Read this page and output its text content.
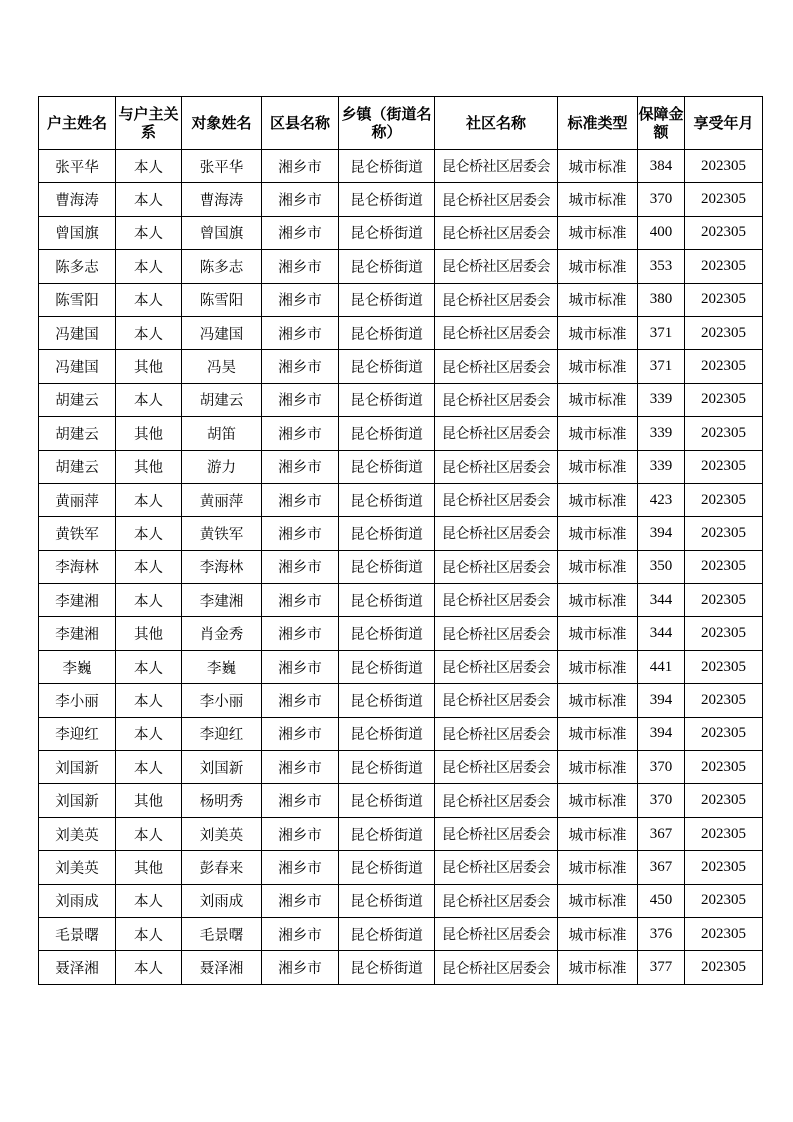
户主姓名	与户主关系	对象姓名	区县名称	乡镇（街道名称）	社区名称	标准类型	保障金额	享受年月
张平华	本人	张平华	湘乡市	昆仑桥街道	昆仑桥社区居委会	城市标准	384	202305
曹海涛	本人	曹海涛	湘乡市	昆仑桥街道	昆仑桥社区居委会	城市标准	370	202305
曾国旗	本人	曾国旗	湘乡市	昆仑桥街道	昆仑桥社区居委会	城市标准	400	202305
陈多志	本人	陈多志	湘乡市	昆仑桥街道	昆仑桥社区居委会	城市标准	353	202305
陈雪阳	本人	陈雪阳	湘乡市	昆仑桥街道	昆仑桥社区居委会	城市标准	380	202305
冯建国	本人	冯建国	湘乡市	昆仑桥街道	昆仑桥社区居委会	城市标准	371	202305
冯建国	其他	冯昊	湘乡市	昆仑桥街道	昆仑桥社区居委会	城市标准	371	202305
胡建云	本人	胡建云	湘乡市	昆仑桥街道	昆仑桥社区居委会	城市标准	339	202305
胡建云	其他	胡笛	湘乡市	昆仑桥街道	昆仑桥社区居委会	城市标准	339	202305
胡建云	其他	游力	湘乡市	昆仑桥街道	昆仑桥社区居委会	城市标准	339	202305
黄丽萍	本人	黄丽萍	湘乡市	昆仑桥街道	昆仑桥社区居委会	城市标准	423	202305
黄铁军	本人	黄铁军	湘乡市	昆仑桥街道	昆仑桥社区居委会	城市标准	394	202305
李海林	本人	李海林	湘乡市	昆仑桥街道	昆仑桥社区居委会	城市标准	350	202305
李建湘	本人	李建湘	湘乡市	昆仑桥街道	昆仑桥社区居委会	城市标准	344	202305
李建湘	其他	肖金秀	湘乡市	昆仑桥街道	昆仑桥社区居委会	城市标准	344	202305
李巍	本人	李巍	湘乡市	昆仑桥街道	昆仑桥社区居委会	城市标准	441	202305
李小丽	本人	李小丽	湘乡市	昆仑桥街道	昆仑桥社区居委会	城市标准	394	202305
李迎红	本人	李迎红	湘乡市	昆仑桥街道	昆仑桥社区居委会	城市标准	394	202305
刘国新	本人	刘国新	湘乡市	昆仑桥街道	昆仑桥社区居委会	城市标准	370	202305
刘国新	其他	杨明秀	湘乡市	昆仑桥街道	昆仑桥社区居委会	城市标准	370	202305
刘美英	本人	刘美英	湘乡市	昆仑桥街道	昆仑桥社区居委会	城市标准	367	202305
刘美英	其他	彭春来	湘乡市	昆仑桥街道	昆仑桥社区居委会	城市标准	367	202305
刘雨成	本人	刘雨成	湘乡市	昆仑桥街道	昆仑桥社区居委会	城市标准	450	202305
毛景曙	本人	毛景曙	湘乡市	昆仑桥街道	昆仑桥社区居委会	城市标准	376	202305
聂泽湘	本人	聂泽湘	湘乡市	昆仑桥街道	昆仑桥社区居委会	城市标准	377	202305
